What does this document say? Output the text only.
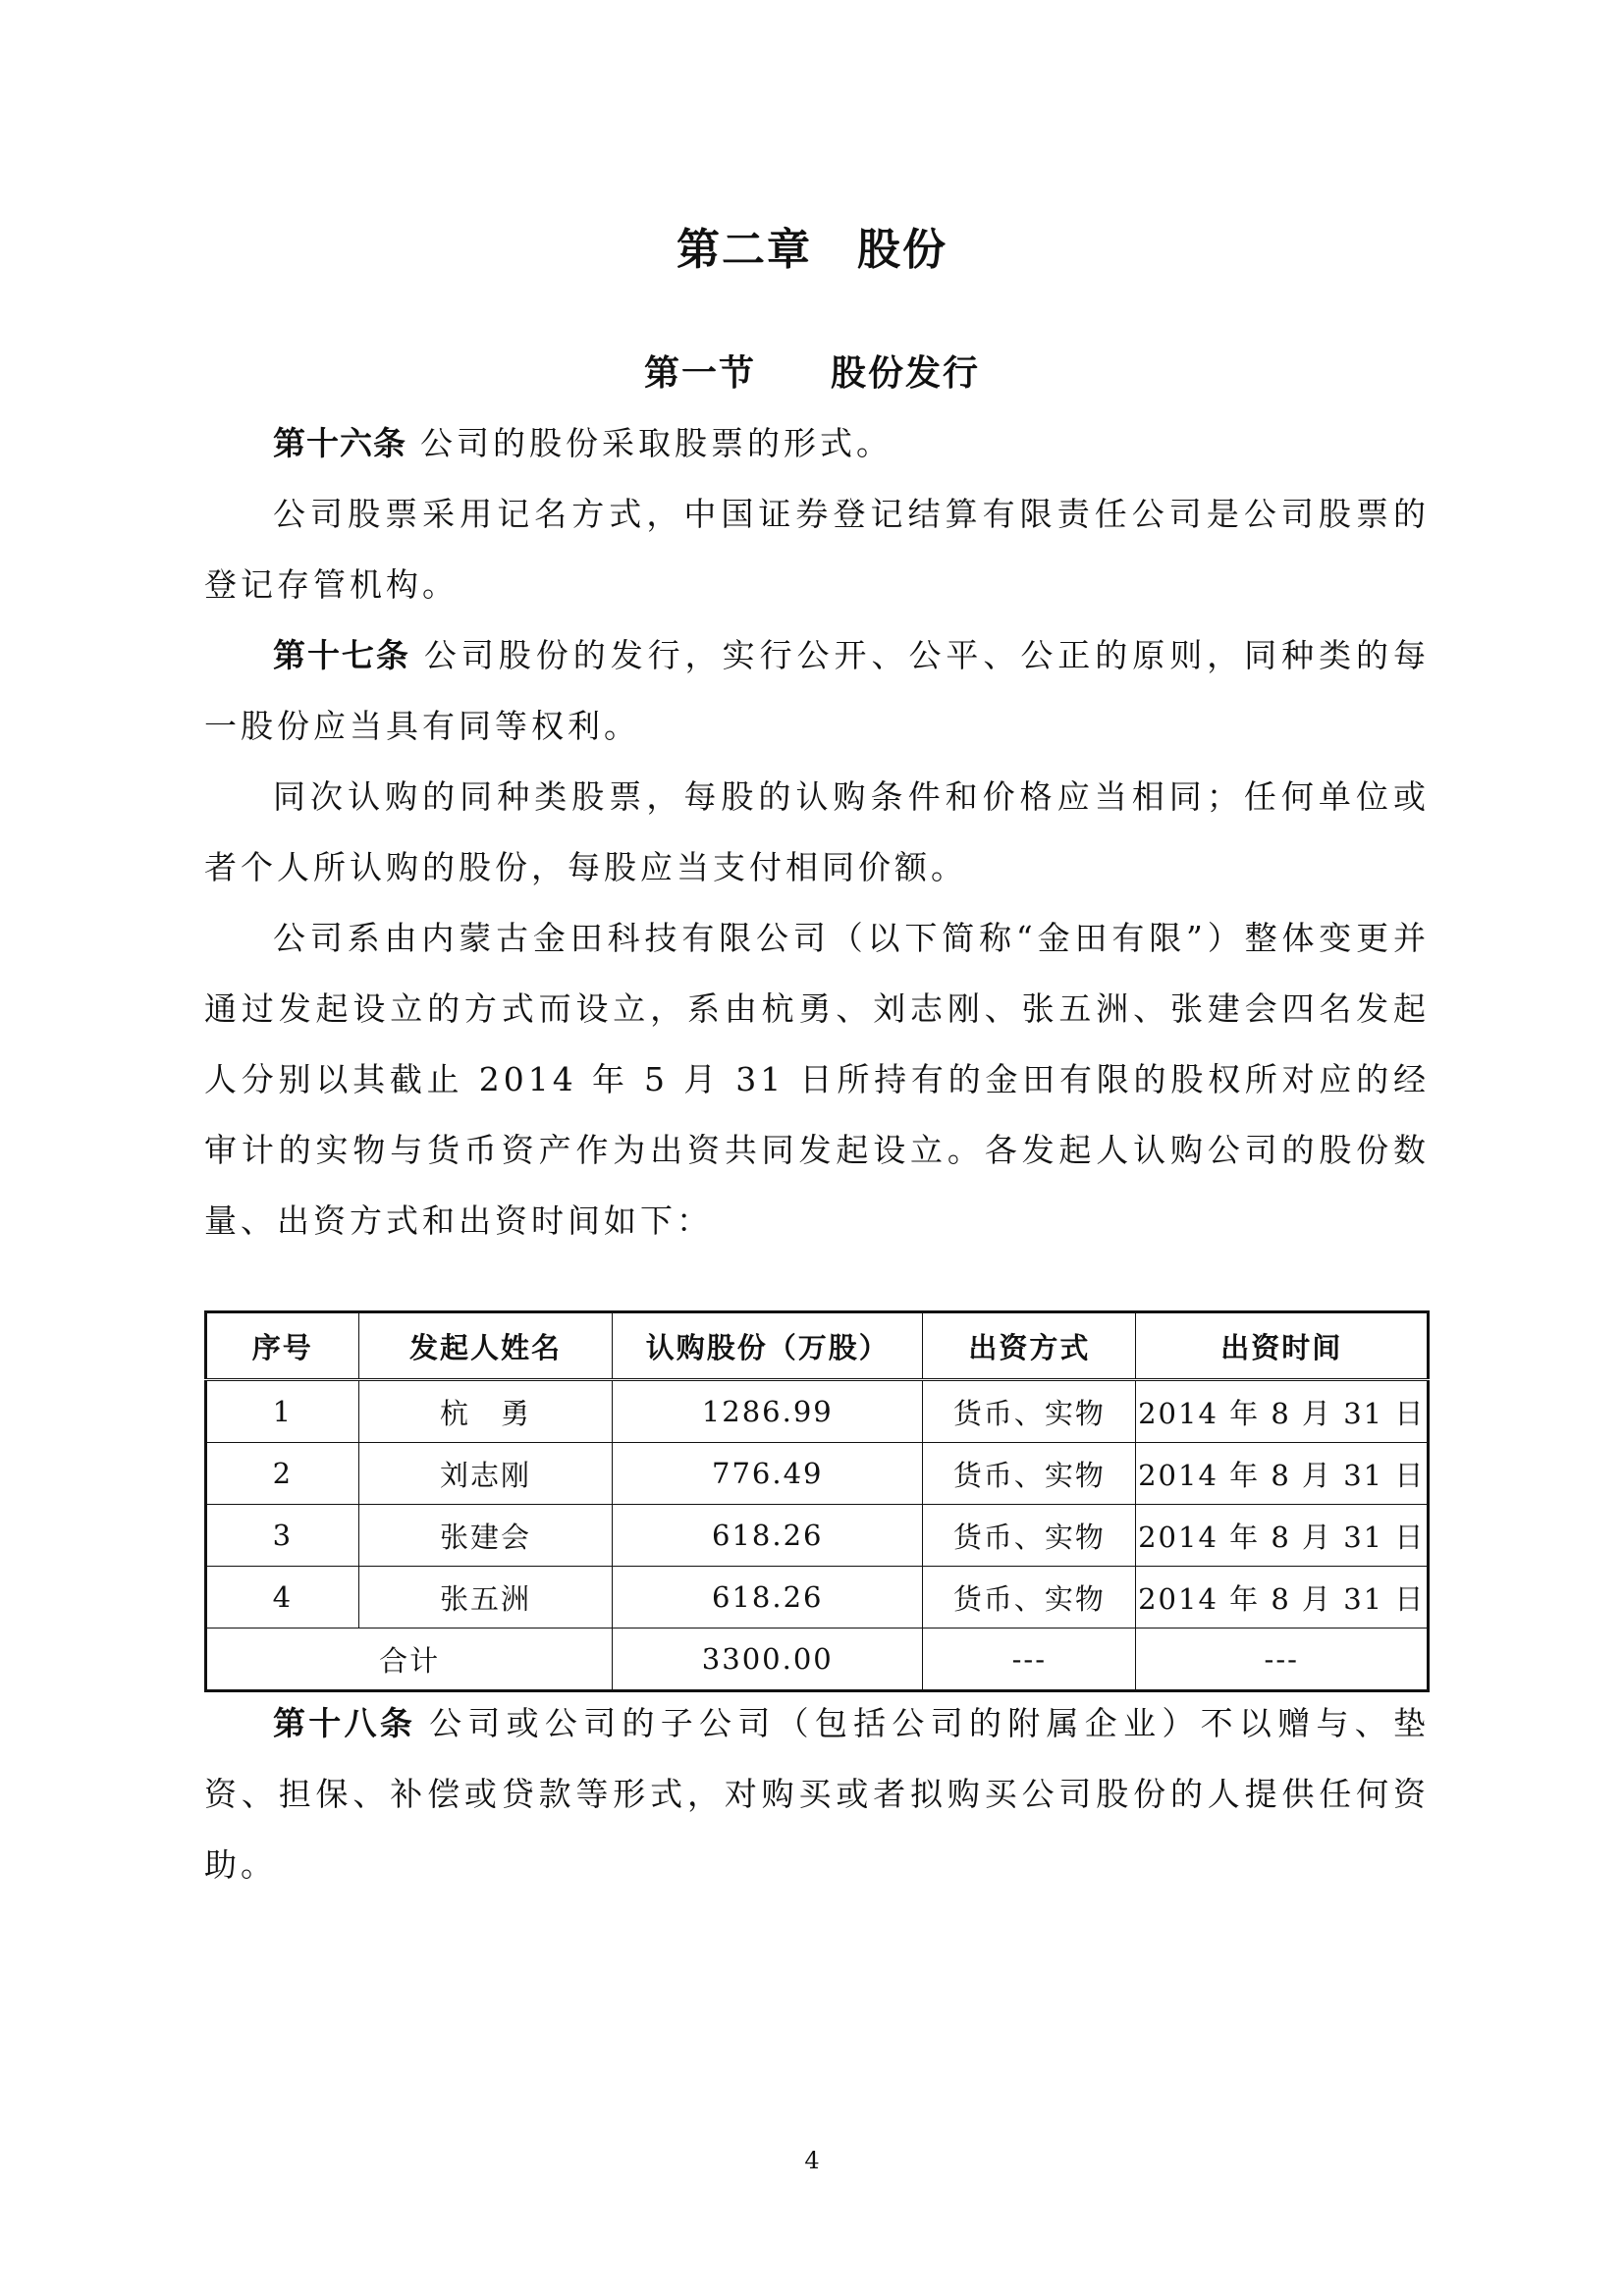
第二章　股份
第一节　　股份发行

第十六条 公司的股份采取股票的形式。

公司股票采用记名方式，中国证券登记结算有限责任公司是公司股票的登记存管机构。

第十七条 公司股份的发行，实行公开、公平、公正的原则，同种类的每一股份应当具有同等权利。

同次认购的同种类股票，每股的认购条件和价格应当相同；任何单位或者个人所认购的股份，每股应当支付相同价额。

公司系由内蒙古金田科技有限公司（以下简称“金田有限”）整体变更并通过发起设立的方式而设立，系由杭勇、刘志刚、张五洲、张建会四名发起人分别以其截止 2014 年 5 月 31 日所持有的金田有限的股权所对应的经审计的实物与货币资产作为出资共同发起设立。各发起人认购公司的股份数量、出资方式和出资时间如下：

序号	发起人姓名	认购股份（万股）	出资方式	出资时间
1	杭　勇	1286.99	货币、实物	2014 年 8 月 31 日
2	刘志刚	776.49	货币、实物	2014 年 8 月 31 日
3	张建会	618.26	货币、实物	2014 年 8 月 31 日
4	张五洲	618.26	货币、实物	2014 年 8 月 31 日
合计		3300.00	---	---

第十八条 公司或公司的子公司（包括公司的附属企业）不以赠与、垫资、担保、补偿或贷款等形式，对购买或者拟购买公司股份的人提供任何资助。

4
